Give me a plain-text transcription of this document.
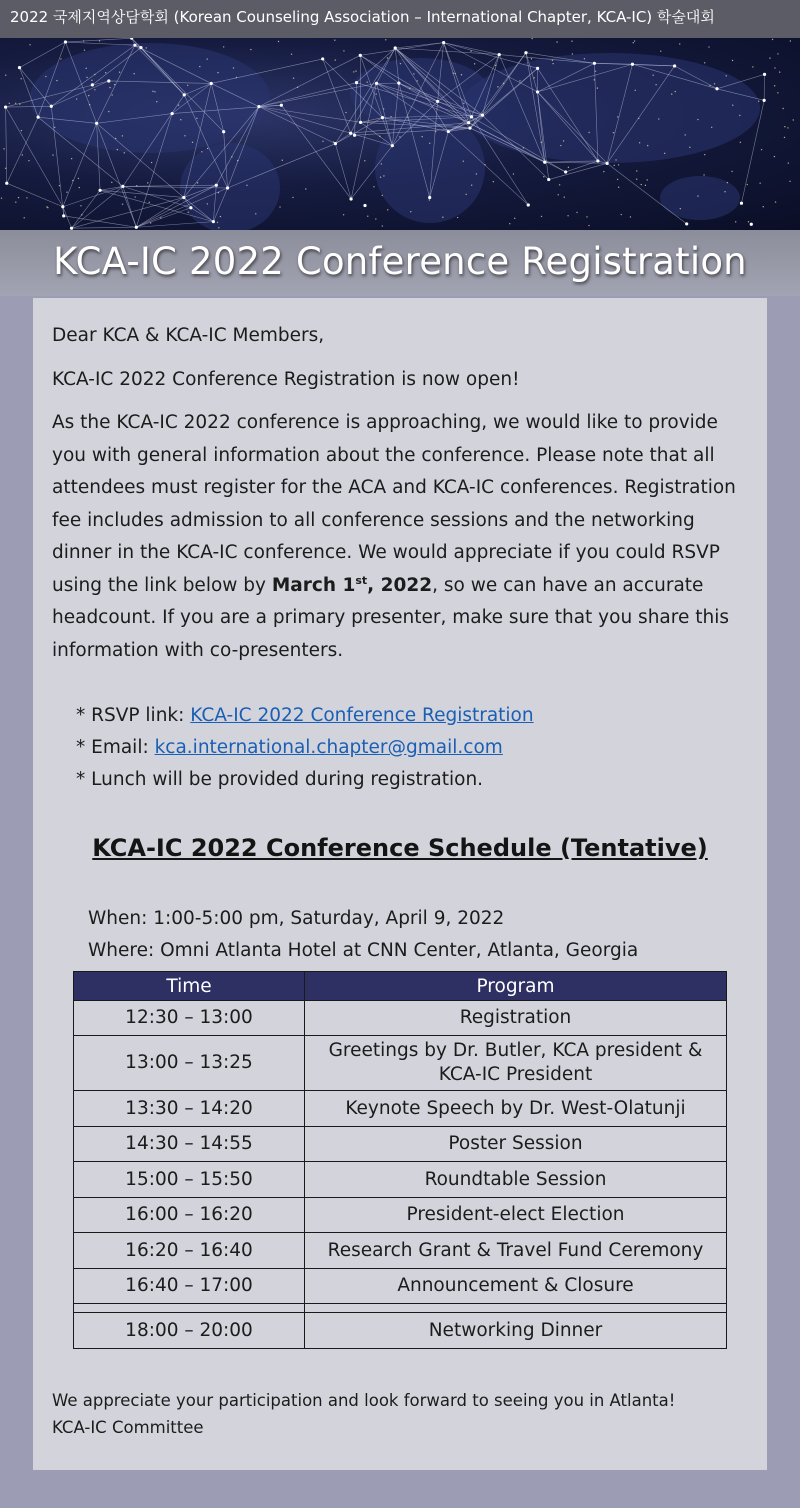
2022 국제지역상담학회 (Korean Counseling Association – International Chapter, KCA-IC) 학술대회
KCA-IC 2022 Conference Registration
Dear KCA & KCA-IC Members,
KCA-IC 2022 Conference Registration is now open!
As the KCA-IC 2022 conference is approaching, we would like to provide you with general information about the conference. Please note that all attendees must register for the ACA and KCA-IC conferences. Registration fee includes admission to all conference sessions and the networking dinner in the KCA-IC conference. We would appreciate if you could RSVP using the link below by March 1st, 2022, so we can have an accurate headcount. If you are a primary presenter, make sure that you share this information with co-presenters.
* RSVP link: KCA-IC 2022 Conference Registration
* Email: kca.international.chapter@gmail.com
* Lunch will be provided during registration.
KCA-IC 2022 Conference Schedule (Tentative)
When: 1:00-5:00 pm, Saturday, April 9, 2022
Where: Omni Atlanta Hotel at CNN Center, Atlanta, Georgia
Time	Program
12:30 – 13:00	Registration
13:00 – 13:25	Greetings by Dr. Butler, KCA president & KCA-IC President
13:30 – 14:20	Keynote Speech by Dr. West-Olatunji
14:30 – 14:55	Poster Session
15:00 – 15:50	Roundtable Session
16:00 – 16:20	President-elect Election
16:20 – 16:40	Research Grant & Travel Fund Ceremony
16:40 – 17:00	Announcement & Closure

18:00 – 20:00	Networking Dinner
We appreciate your participation and look forward to seeing you in Atlanta!
KCA-IC Committee
